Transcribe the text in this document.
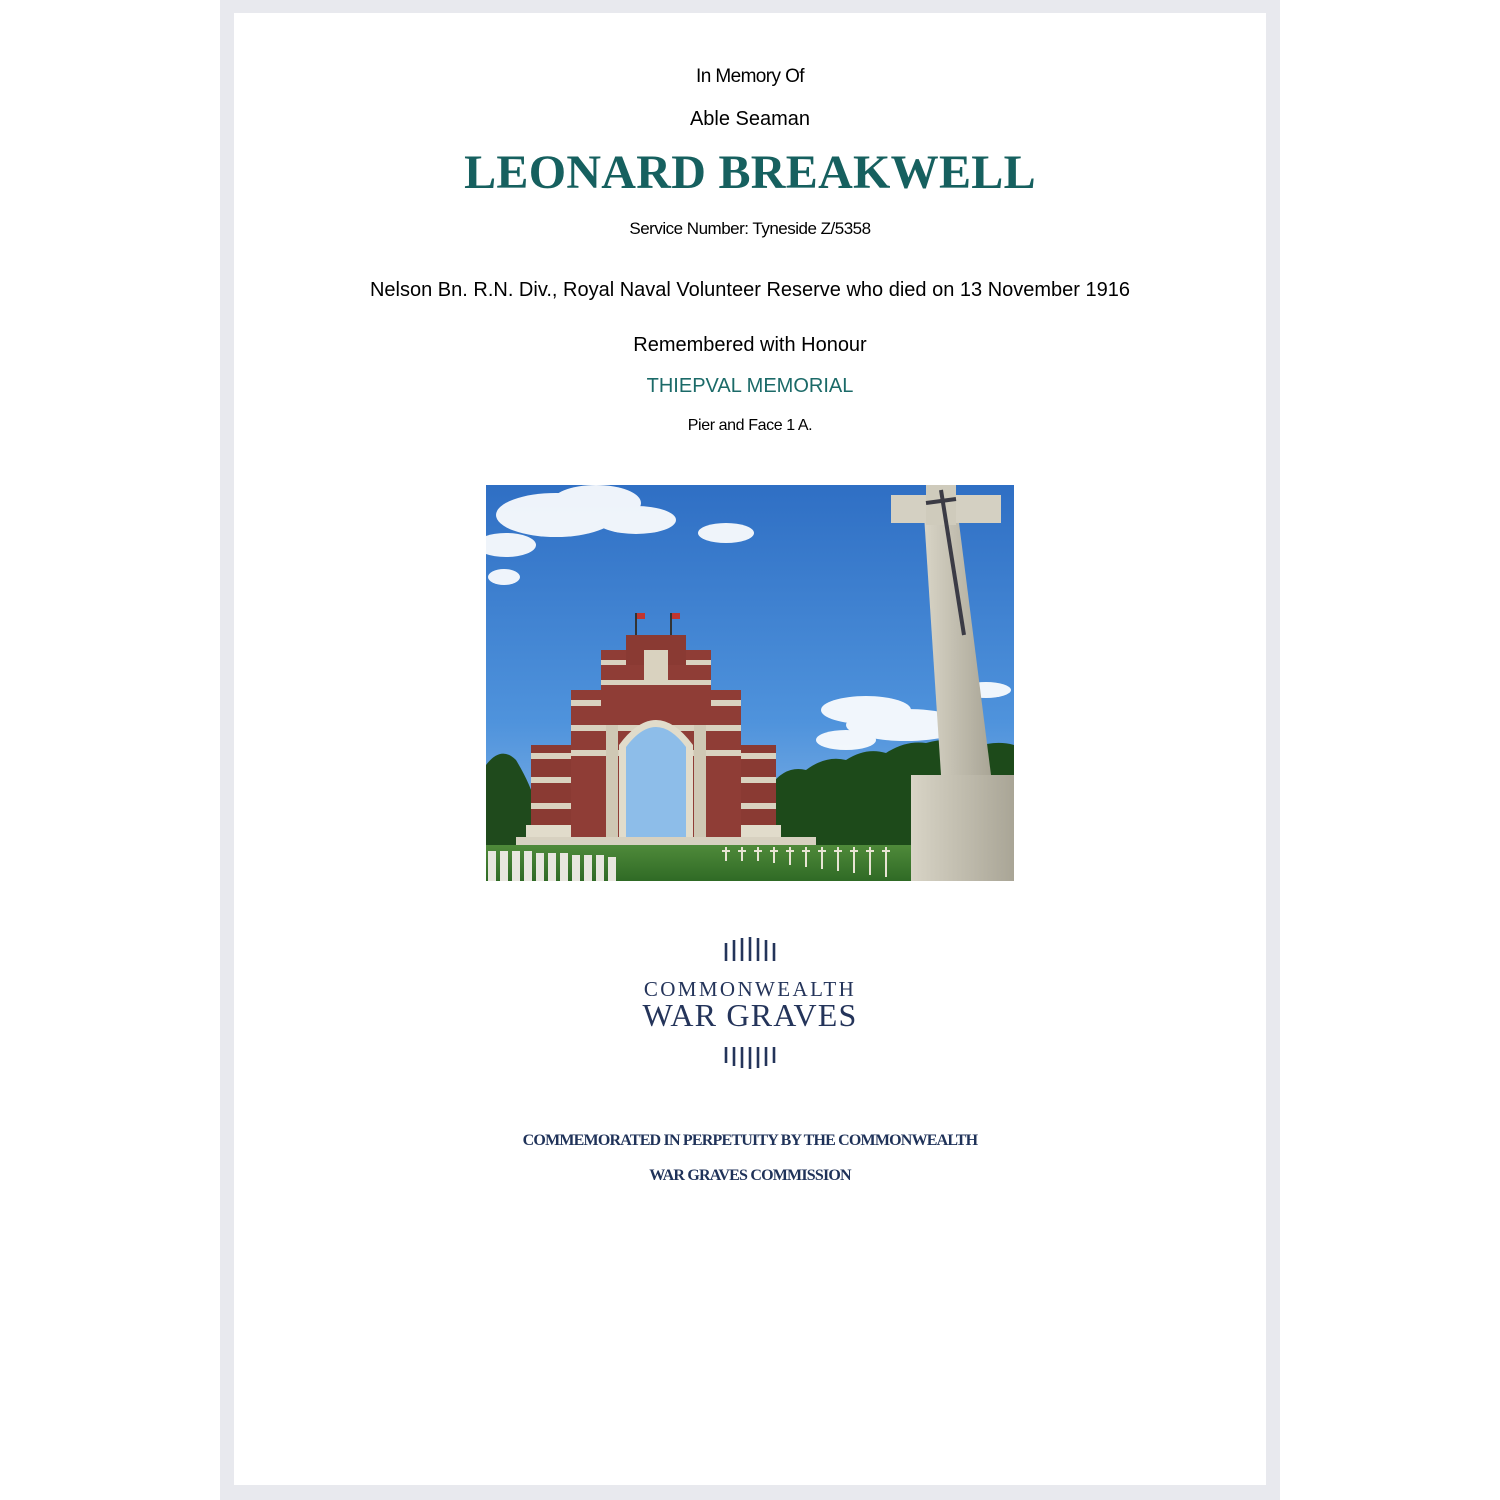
In Memory Of
Able Seaman
LEONARD BREAKWELL
Service Number: Tyneside Z/5358
Nelson Bn. R.N. Div., Royal Naval Volunteer Reserve who died on 13 November 1916
Remembered with Honour
THIEPVAL MEMORIAL
Pier and Face 1 A.
COMMONWEALTH
WAR GRAVES
COMMEMORATED IN PERPETUITY BY THE COMMONWEALTH
WAR GRAVES COMMISSION
